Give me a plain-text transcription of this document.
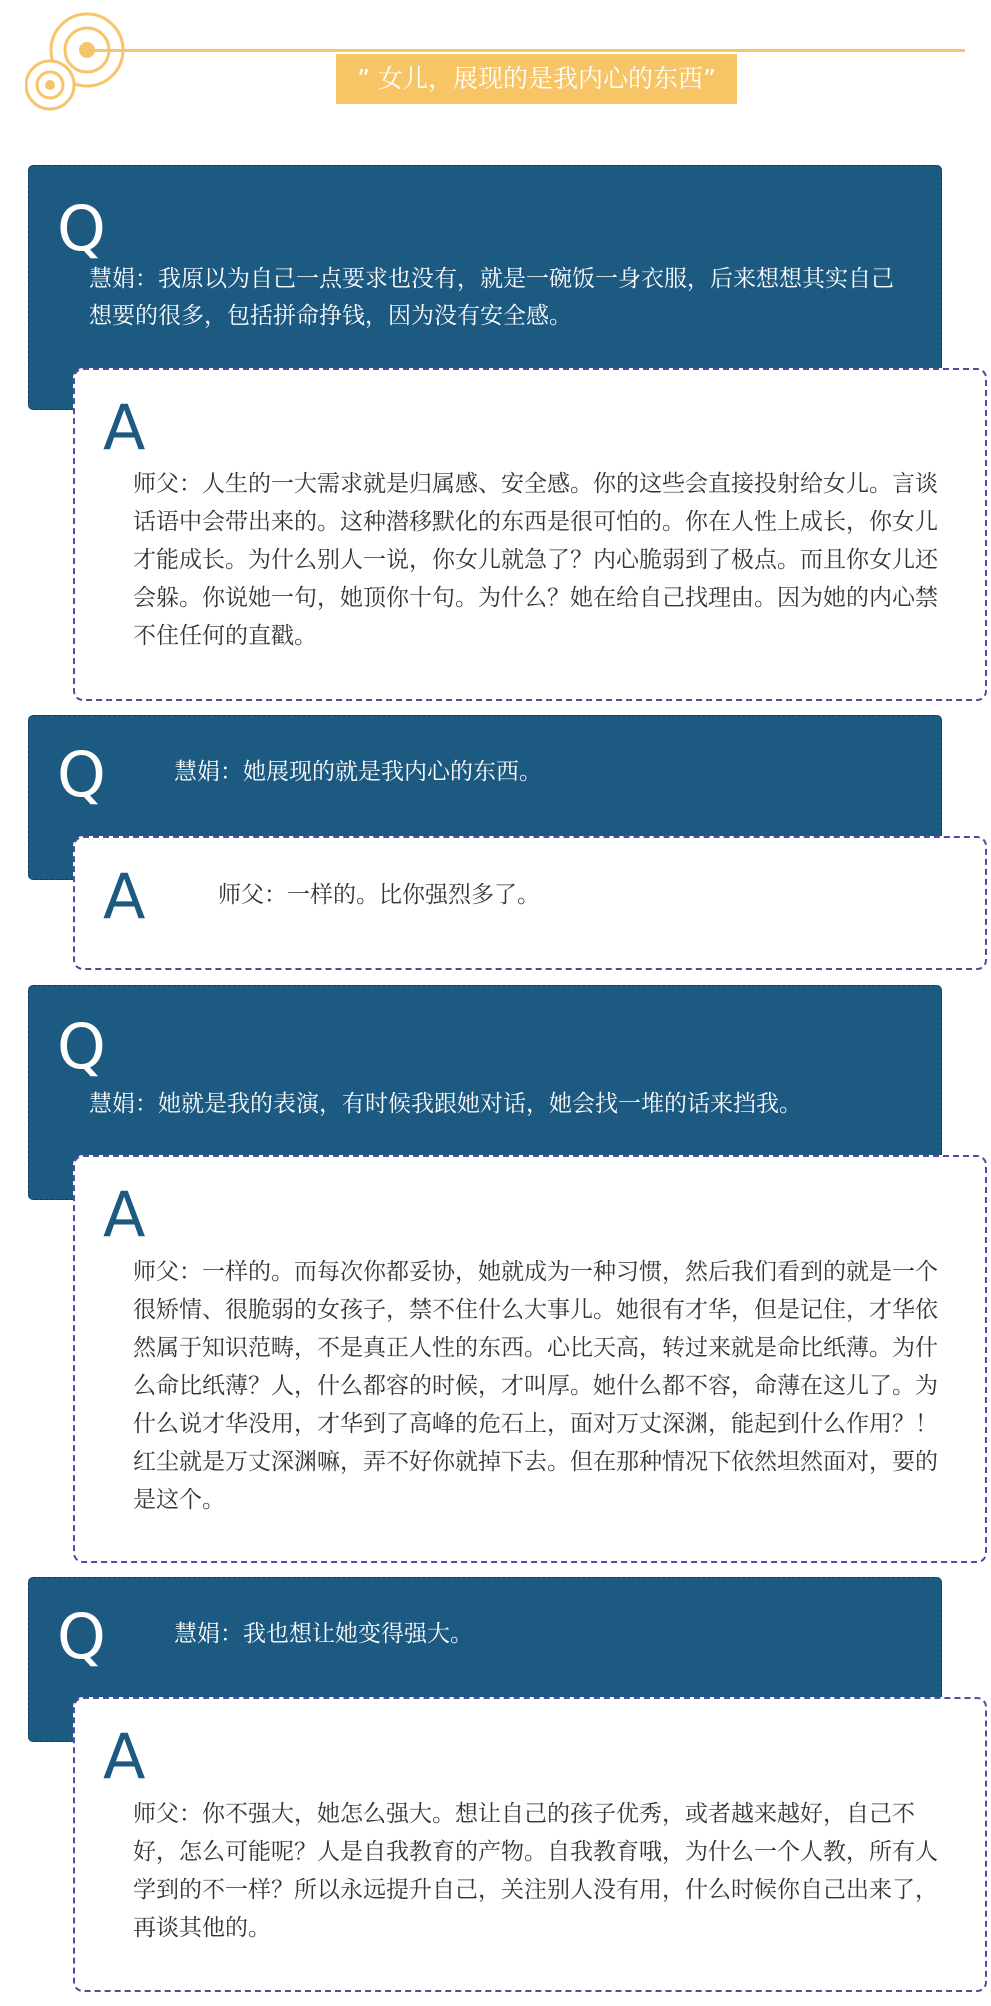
” 女儿，展现的是我内心的东西”
Q
慧娟：我原以为自己一点要求也没有，就是一碗饭一身衣服，后来想想其实自己想要的很多，包括拼命挣钱，因为没有安全感。
A
师父：人生的一大需求就是归属感、安全感。你的这些会直接投射给女儿。言谈话语中会带出来的。这种潜移默化的东西是很可怕的。你在人性上成长，你女儿才能成长。为什么别人一说，你女儿就急了？内心脆弱到了极点。而且你女儿还会躲。你说她一句，她顶你十句。为什么？她在给自己找理由。因为她的内心禁不住任何的直戳。
Q	慧娟：她展现的就是我内心的东西。
A	师父：一样的。比你强烈多了。
Q
慧娟：她就是我的表演，有时候我跟她对话，她会找一堆的话来挡我。
A
师父：一样的。而每次你都妥协，她就成为一种习惯，然后我们看到的就是一个很矫情、很脆弱的女孩子，禁不住什么大事儿。她很有才华，但是记住，才华依然属于知识范畴，不是真正人性的东西。心比天高，转过来就是命比纸薄。为什么命比纸薄？人，什么都容的时候，才叫厚。她什么都不容，命薄在这儿了。为什么说才华没用，才华到了高峰的危石上，面对万丈深渊，能起到什么作用？！ 红尘就是万丈深渊嘛，弄不好你就掉下去。但在那种情况下依然坦然面对，要的是这个。
Q	慧娟：我也想让她变得强大。
A
师父：你不强大，她怎么强大。想让自己的孩子优秀，或者越来越好，自己不好，怎么可能呢？人是自我教育的产物。自我教育哦，为什么一个人教，所有人学到的不一样？所以永远提升自己，关注别人没有用，什么时候你自己出来了，再谈其他的。
